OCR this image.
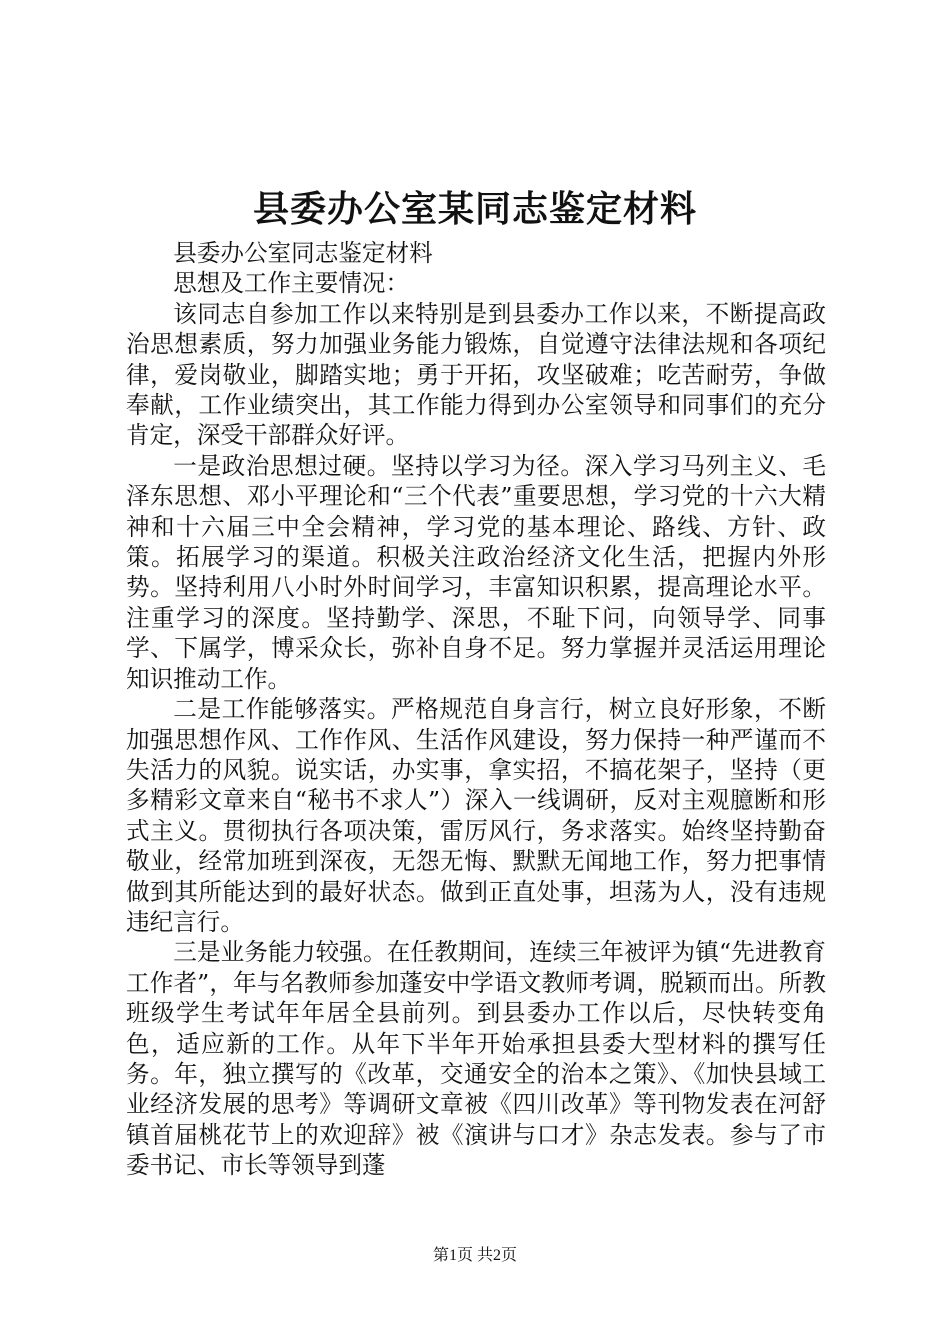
县委办公室某同志鉴定材料

县委办公室同志鉴定材料

思想及工作主要情况：

该同志自参加工作以来特别是到县委办工作以来，不断提高政治思想素质，努力加强业务能力锻炼，自觉遵守法律法规和各项纪律，爱岗敬业，脚踏实地；勇于开拓，攻坚破难；吃苦耐劳，争做奉献，工作业绩突出，其工作能力得到办公室领导和同事们的充分肯定，深受干部群众好评。

一是政治思想过硬。坚持以学习为径。深入学习马列主义、毛泽东思想、邓小平理论和“三个代表”重要思想，学习党的十六大精神和十六届三中全会精神，学习党的基本理论、路线、方针、政策。拓展学习的渠道。积极关注政治经济文化生活，把握内外形势。坚持利用八小时外时间学习，丰富知识积累，提高理论水平。注重学习的深度。坚持勤学、深思，不耻下问，向领导学、同事学、下属学，博采众长，弥补自身不足。努力掌握并灵活运用理论知识推动工作。

二是工作能够落实。严格规范自身言行，树立良好形象，不断加强思想作风、工作作风、生活作风建设，努力保持一种严谨而不失活力的风貌。说实话，办实事，拿实招，不搞花架子，坚持（更多精彩文章来自“秘书不求人”）深入一线调研，反对主观臆断和形式主义。贯彻执行各项决策，雷厉风行，务求落实。始终坚持勤奋敬业，经常加班到深夜，无怨无悔、默默无闻地工作，努力把事情做到其所能达到的最好状态。做到正直处事，坦荡为人，没有违规违纪言行。

三是业务能力较强。在任教期间，连续三年被评为镇“先进教育工作者”，年与名教师参加蓬安中学语文教师考调，脱颖而出。所教班级学生考试年年居全县前列。到县委办工作以后，尽快转变角色，适应新的工作。从年下半年开始承担县委大型材料的撰写任务。年，独立撰写的《改革，交通安全的治本之策》、《加快县域工业经济发展的思考》等调研文章被《四川改革》等刊物发表在河舒镇首届桃花节上的欢迎辞》被《演讲与口才》杂志发表。参与了市委书记、市长等领导到蓬

第1页 共2页
